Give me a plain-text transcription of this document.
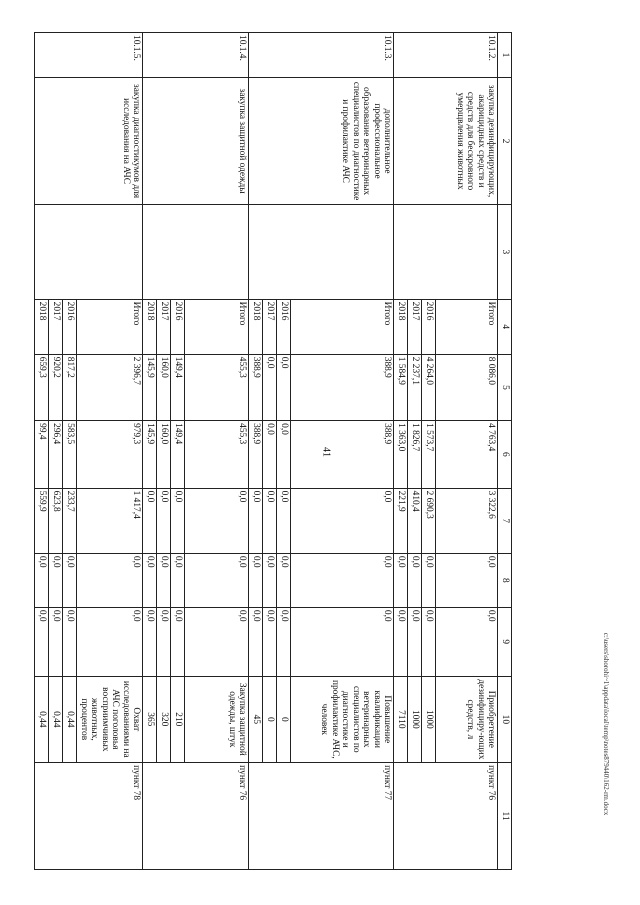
41
c:\users\shorohi~1\appdata\local\temp\notes879440\162-rm.docx
1	2	3	4	5	6	7	8	9	10	11
10.1.2.	закупка дезинфицирующих, акарицидных средств и средств для бескровного умерщвления животных		Итого	8 086,0	4 763,4	3 322,6	0,0	0,0	Приобретение дезинфициру-ющих средств, л	пункт 76
			2016	4 264,0	1 573,7	2 690,3	0,0	0,0	1000	
			2017	2 237,1	1 826,7	410,4	0,0	0,0	1000	
			2018	1 584,9	1 363,0	221,9	0,0	0,0	7110	
10.1.3.	дополнительное профессиональное образование ветеринарных специалистов по диагностике и профилактике АЧС		Итого	388,9	388,9	0,0	0,0	0,0	Повышение квалификации ветеринарных специалистов по диагностике и профилактике АЧС, человек	пункт 77
			2016	0,0	0,0	0,0	0,0	0,0	0	
			2017	0,0	0,0	0,0	0,0	0,0	0	
			2018	388,9	388,9	0,0	0,0	0,0	45	
10.1.4.	закупка защитной одежды		Итого	455,3	455,3	0,0	0,0	0,0	Закупка защитной одежды, штук	пункт 76
			2016	149,4	149,4	0,0	0,0	0,0	210	
			2017	160,0	160,0	0,0	0,0	0,0	320	
			2018	145,9	145,9	0,0	0,0	0,0	365	
10.1.5.	закупка диагностикумов для исследования на АЧС		Итого	2 396,7	979,3	1 417,4	0,0	0,0	Охват исследованиями на АЧС поголовья восприимчивых животных, процентов	пункт 78
			2016	817,2	583,5	233,7	0,0	0,0	0,44	
			2017	920,2	296,4	623,8	0,0	0,0	0,44	
			2018	659,3	99,4	559,9	0,0	0,0	0,44	
